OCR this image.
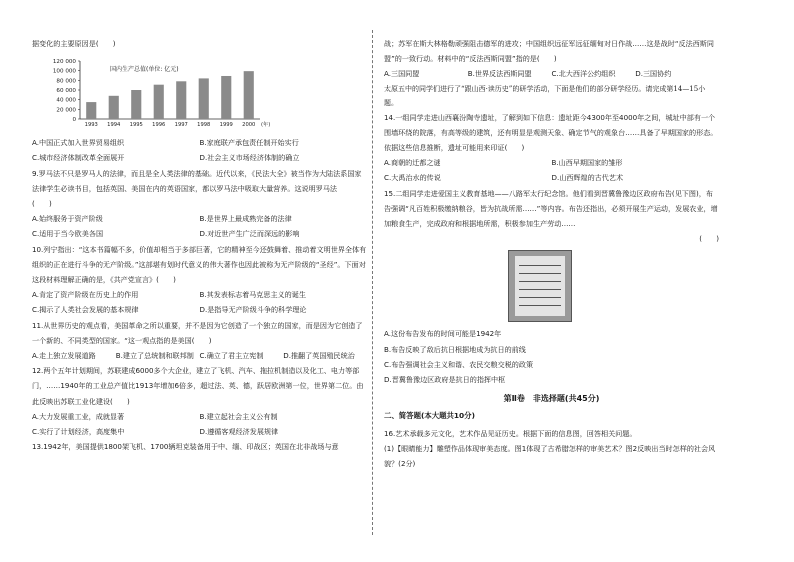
据变化的主要原因是(　　)

0
20 000
40 000
60 000
80 000
100 000
120 000
1993 1994 1995 1996 1997 1998 1999 2000 (年)
国内生产总值(单位: 亿元)
A.中国正式加入世界贸易组织	B.家庭联产承包责任制开始实行
C.城市经济体制改革全面展开	D.社会主义市场经济体制的确立

9.罗马法不只是罗马人的法律，而且是全人类法律的基础。近代以来，《民法大全》被当作为大陆法系国家法律学生必读书目，包括英国、美国在内的英语国家，都以罗马法中吸取大量营养。这说明罗马法

(　　)

A.始终服务于资产阶级	B.是世界上最成熟完备的法律
C.适用于当今欧美各国	D.对近世产生广泛而深远的影响

10.列宁指出：“这本书篇幅不多，价值却相当于多部巨著，它的精神至今还鼓舞着、推动着文明世界全体有组织的正在进行斗争的无产阶级。”这部堪有划时代意义的伟大著作也因此被称为无产阶级的“圣经”。下面对这段材料理解正确的是，《共产党宣言》(　　)

A.肯定了资产阶级在历史上的作用	B.其发表标志着马克思主义的诞生
C.揭示了人类社会发展的基本规律	D.是指导无产阶级斗争的科学理论

11.从世界历史的观点看，美国革命之所以重要，并不是因为它创造了一个独立的国家，而是因为它创造了一个新的、不同类型的国家。“这一观点指的是美国(　　)

A.走上独立发展道路	B.建立了总统制和联邦制 C.确立了君主立宪制	D.推翻了英国殖民统治

12.两个五年计划期间，苏联建成6000多个大企业，建立了飞机、汽车、拖拉机制造以及化工、电力等部门，……1940年的工业总产值比1913年增加6倍多，超过法、英、德，跃居欧洲第一位，世界第二位。由此反映出苏联工业化建设(　　)

A.大力发展重工业，成就显著	B.建立起社会主义公有制
C.实行了计划经济，高度集中	D.遵循客观经济发展规律

13.1942年，美国提供1800架飞机、1700辆坦克装备用于中、缅、印战区；英国在北非战场与意

战；苏军在斯大林格勒顽强阻击德军的进攻；中国组织远征军远征缅甸对日作战……这是战时“反法西斯同盟”的一致行动。材料中的“反法西斯同盟”指的是(　　)

A.三国同盟	B.世界反法西斯同盟	C.北大西洋公约组织	D.三国协约

太原五中的同学们进行了“跟山西·读历史”的研学活动，下面是他们的部分研学经历。请完成第14—15小题。

14.一组同学走进山西襄汾陶寺遗址，了解到如下信息：遗址距今4300年至4000年之间，城址中部有一个围墙环绕的院落，有高等级的建筑，还有明显是观测天象、确定节气的观象台……具备了早期国家的形态。依据这些信息推断，遗址可能用来印证(　　)

A.商朝的迁都之谜	B.山西早期国家的雏形
C.大禹治水的传说	D.山西辉煌的古代艺术

15.二组同学走进爱国主义教育基地——八路军太行纪念馆。他们看到晋冀鲁豫边区政府布告(见下图)，布告强调“凡百姓积极缴纳粮谷，皆为抗战所需……”等内容。布告还指出，必须开展生产运动，发展农业，增加粮食生产，完成政府和根据地所需，积极参加生产劳动……

(　　)

A.这份布告发布的时间可能是1942年

B.布告反映了敌后抗日根据地成为抗日的前线

C.布告强调社会主义和谐、农民交粮交税的政策

D.晋冀鲁豫边区政府是抗日的指挥中枢

第Ⅱ卷　非选择题(共45分)

二、简答题(本大题共10分)

16.艺术承载多元文化，艺术作品见证历史。根据下面的信息图，回答相关问题。

(1)【眼睛能力】雕塑作品体现审美态度。图1体现了古希腊怎样的审美艺术？图2反映出当时怎样的社会风貌？(2分)
